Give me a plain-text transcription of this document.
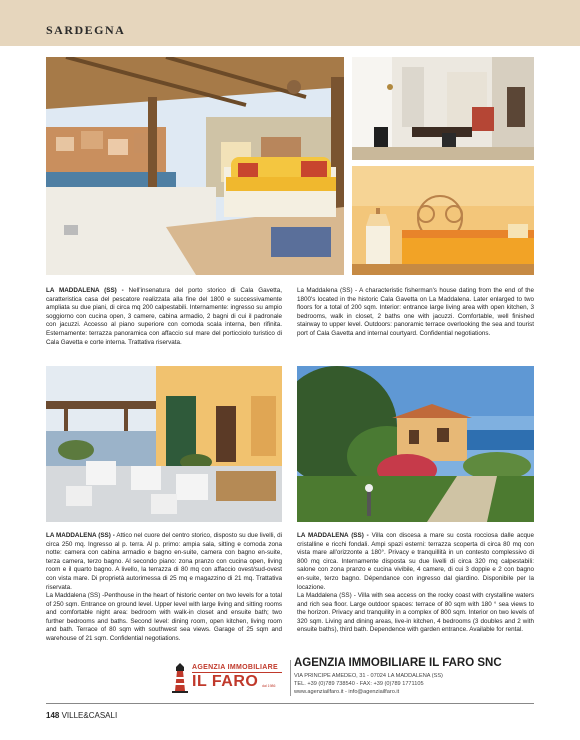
SARDEGNA
LA MADDALENA (SS) - Nell'insenatura del porto storico di Cala Gavetta, caratteristica casa del pescatore realizzata alla fine del 1800 e successivamente ampliata su due piani, di circa mq 200 calpestabili. Internamente: ingresso su ampio soggiorno con cucina open, 3 camere, cabina armadio, 2 bagni di cui il padronale con jacuzzi. Accesso al piano superiore con comoda scala interna, ben rifinita. Esternamente: terrazza panoramica con affaccio sul mare del porticciolo turistico di Cala Gavetta e corte interna. Trattativa riservata.
La Maddalena (SS) - A characteristic fisherman's house dating from the end of the 1800's located in the historic Cala Gavetta on La Maddalena. Later enlarged to two floors for a total of 200 sqm. Interior: entrance large living area with open kitchen, 3 bedrooms, walk in closet, 2 baths one with jacuzzi. Comfortable, well finished stairway to upper level. Outdoors: panoramic terrace overlooking the sea and tourist port of Cala Gavetta and internal courtyard. Confidential negotiations.
LA MADDALENA (SS) - Attico nel cuore del centro storico, disposto su due livelli, di circa 250 mq. Ingresso al p. terra. Al p. primo: ampia sala, sitting e comoda zona notte: camera con cabina armadio e bagno en-suite, camera con bagno en-suite, terza camera, terzo bagno. Al secondo piano: zona pranzo con cucina open, living room e il quarto bagno. A livello, la terrazza di 80 mq con affaccio ovest/sud-ovest con vista mare. Di proprietà autorimessa di 25 mq e magazzino di 21 mq. Trattativa riservata.
La Maddalena (SS) -Penthouse in the heart of historic center on two levels for a total of 250 sqm. Entrance on ground level. Upper level with large living and sitting rooms and comfortable night area: bedroom with walk-in closet and ensuite bath; two further bedrooms and baths. Second level: dining room, open kitchen, living room and bath. Terrace of 80 sqm with southwest sea views. Garage of 25 sqm and warehouse of 21 sqm. Confidential negotiations.
LA MADDALENA (SS) - Villa con discesa a mare su costa rocciosa dalle acque cristalline e ricchi fondali. Ampi spazi esterni: terrazza scoperta di circa 80 mq con vista mare all'orizzonte a 180°. Privacy e tranquillità in un contesto complessivo di 800 mq circa. Internamente disposta su due livelli di circa 320 mq calpestabili: salone con zona pranzo e cucina vivibile, 4 camere, di cui 3 doppie e 2 con bagno en-suite, terzo bagno. Dépendance con ingresso dal giardino. Disponibile per la locazione.
La Maddalena (SS) - Villa with sea access on the rocky coast with crystalline waters and rich sea floor. Large outdoor spaces: terrace of 80 sqm with 180 ° sea views to the horizon. Privacy and tranquility in a complex of 800 sqm. Interior on two levels of 320 sqm. Living and dining areas, live-in kitchen, 4 bedrooms (3 doubles and 2 with ensuite baths), third bath. Dependence with garden entrance. Available for rental.
AGENZIA IMMOBILIARE
IL FARO dal 1986
AGENZIA IMMOBILIARE IL FARO SNC
VIA PRINCIPE AMEDEO, 31 - 07024 LA MADDALENA (SS)
TEL. +39 (0)789 738540 - FAX: +39 (0)789 1771105
www.agenziailfaro.it - info@agenziailfaro.it
148 VILLE&CASALI
